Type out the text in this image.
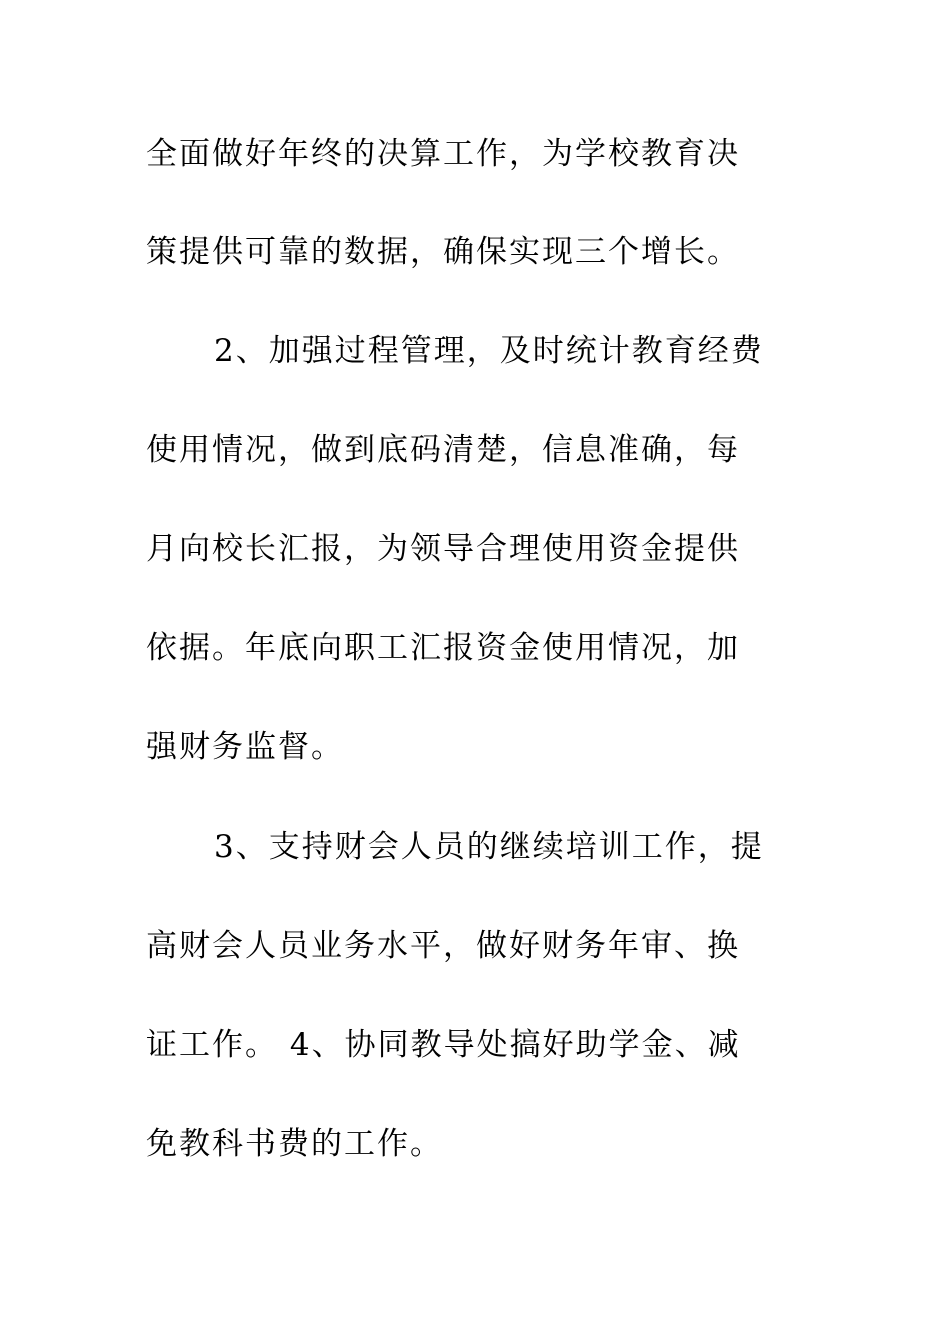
全面做好年终的决算工作，为学校教育决
策提供可靠的数据，确保实现三个增长。
2、加强过程管理，及时统计教育经费
使用情况，做到底码清楚，信息准确，每
月向校长汇报，为领导合理使用资金提供
依据。年底向职工汇报资金使用情况，加
强财务监督。
3、支持财会人员的继续培训工作，提
高财会人员业务水平，做好财务年审、换
证工作。 4、协同教导处搞好助学金、减
免教科书费的工作。
